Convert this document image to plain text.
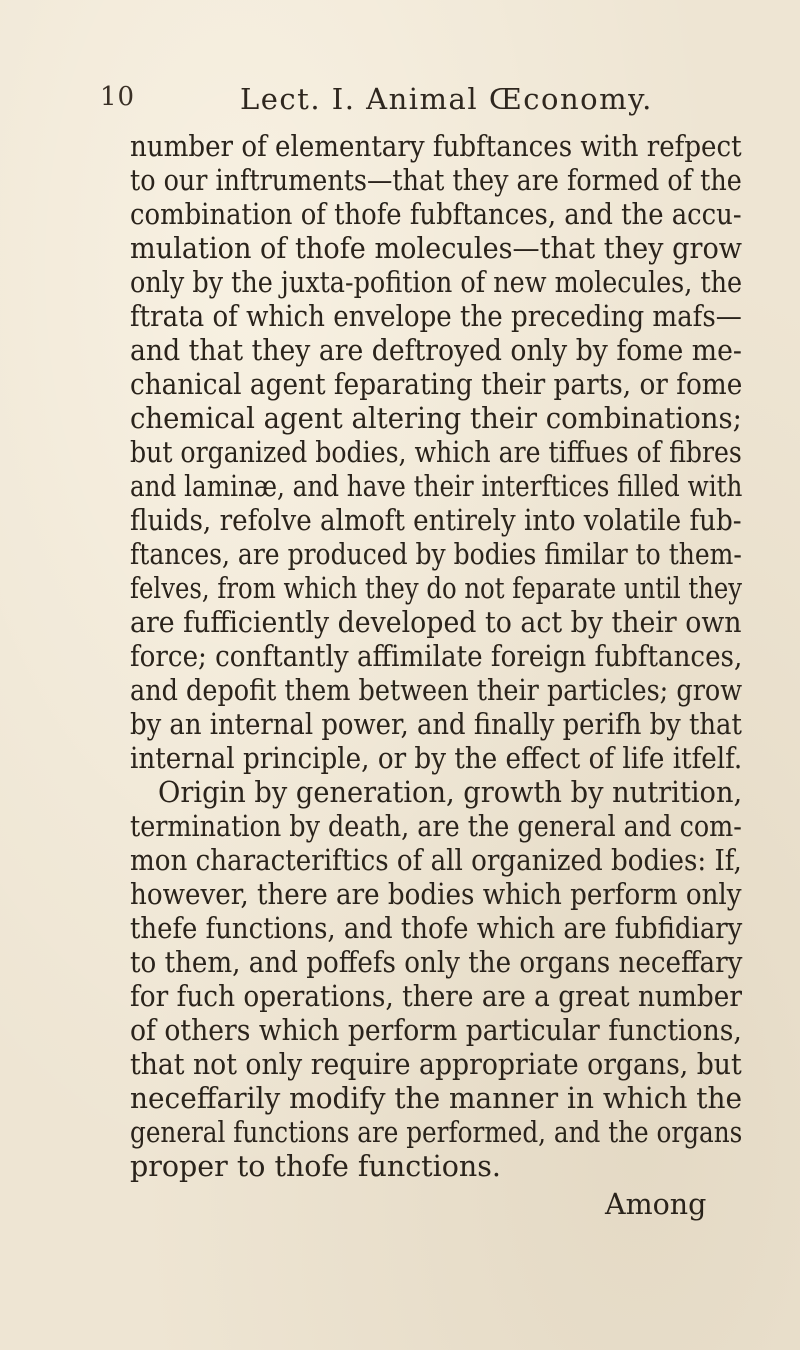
10	Lect. I. Animal Œconomy.
number of elementary fubftances with refpect
to our inftruments—that they are formed of the
combination of thofe fubftances, and the accu-
mulation of thofe molecules—that they grow
only by the juxta-pofition of new molecules, the
ftrata of which envelope the preceding mafs—
and that they are deftroyed only by fome me-
chanical agent feparating their parts, or fome
chemical agent altering their combinations;
but organized bodies, which are tiffues of fibres
and laminæ, and have their interftices filled with
fluids, refolve almoft entirely into volatile fub-
ftances, are produced by bodies fimilar to them-
felves, from which they do not feparate until they
are fufficiently developed to act by their own
force; conftantly affimilate foreign fubftances,
and depofit them between their particles; grow
by an internal power, and finally perifh by that
internal principle, or by the effect of life itfelf.
Origin by generation, growth by nutrition,
termination by death, are the general and com-
mon characteriftics of all organized bodies: If,
however, there are bodies which perform only
thefe functions, and thofe which are fubfidiary
to them, and poffefs only the organs neceffary
for fuch operations, there are a great number
of others which perform particular functions,
that not only require appropriate organs, but
neceffarily modify the manner in which the
general functions are performed, and the organs
proper to thofe functions.
Among
